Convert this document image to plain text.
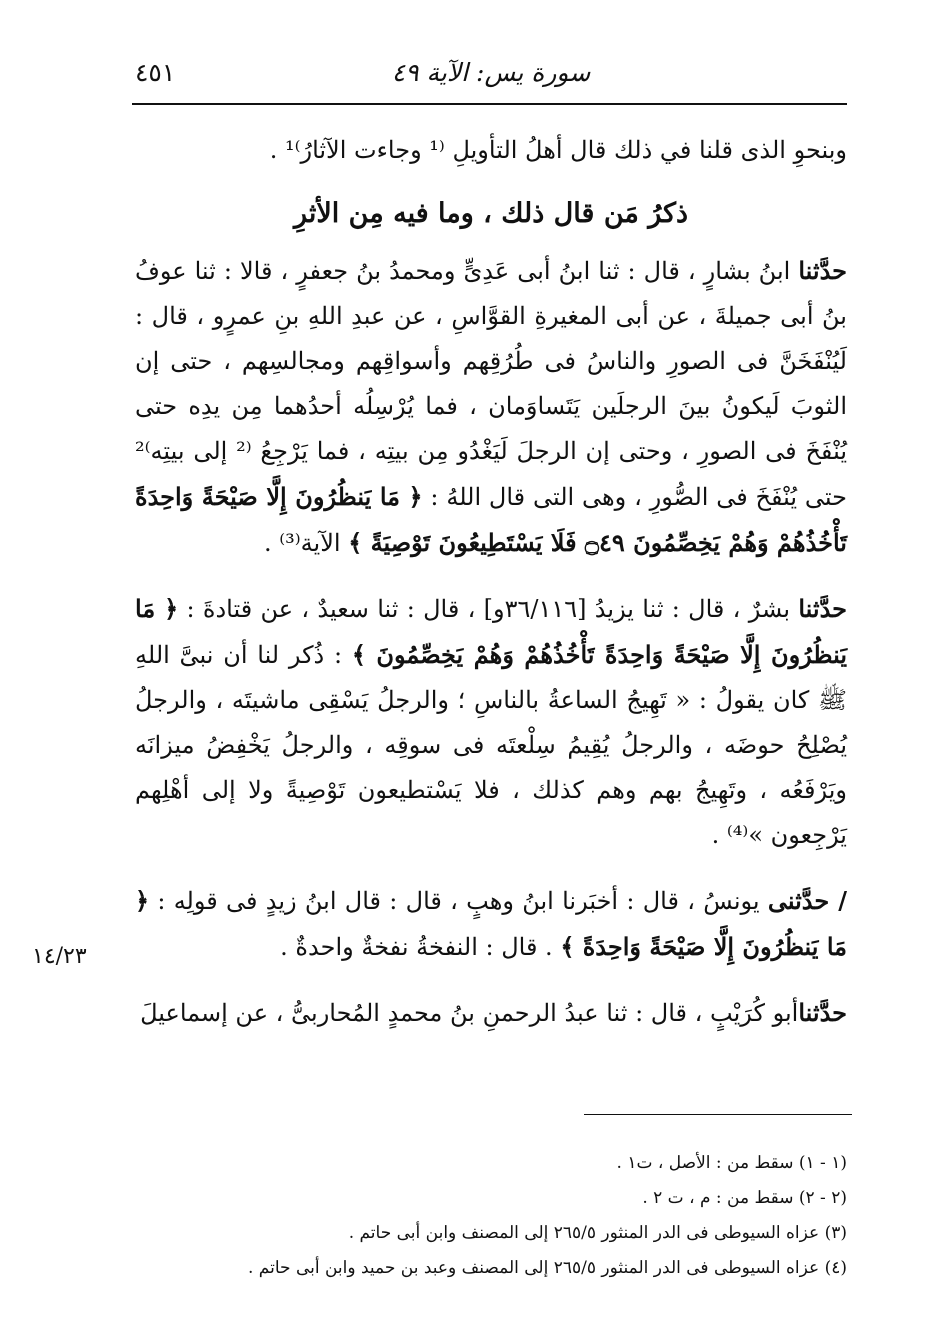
سورة يس: الآية ٤٩
٤٥١

وبنحوِ الذى قلنا في ذلك قال أهلُ التأويلِ ⁽¹ وجاءت الآثارُ⁾¹ .

ذكرُ مَن قال ذلك ، وما فيه مِن الأثرِ

حدَّثنا ابنُ بشارٍ ، قال : ثنا ابنُ أبى عَدِىٍّ ومحمدُ بنُ جعفرٍ ، قالا : ثنا عوفُ بنُ أبى جميلةَ ، عن أبى المغيرةِ القوَّاسِ ، عن عبدِ اللهِ بنِ عمرٍو ، قال : لَيُنْفَخَنَّ فى الصورِ والناسُ فى طُرُقِهم وأسواقِهم ومجالسِهم ، حتى إن الثوبَ لَيكونُ بينَ الرجلَين يَتَساوَمان ، فما يُرْسِلُه أحدُهما مِن يدِه حتى يُنْفَخَ فى الصورِ ، وحتى إن الرجلَ لَيَغْدُو مِن بيتِه ، فما يَرْجِعُ ⁽² إلى بيتِه⁾² حتى يُنْفَخَ فى الصُّورِ ، وهى التى قال اللهُ : ﴿ مَا يَنظُرُونَ إِلَّا صَيْحَةً وَاحِدَةً تَأْخُذُهُمْ وَهُمْ يَخِصِّمُونَ ۝٤٩ فَلَا يَسْتَطِيعُونَ تَوْصِيَةً ﴾ الآية⁽³⁾ .

حدَّثنا بشرٌ ، قال : ثنا يزيدُ [٣٦/١١٦و] ، قال : ثنا سعيدٌ ، عن قتادةَ : ﴿ مَا يَنظُرُونَ إِلَّا صَيْحَةً وَاحِدَةً تَأْخُذُهُمْ وَهُمْ يَخِصِّمُونَ ﴾ : ذُكر لنا أن نبىَّ اللهِ ﷺ كان يقولُ : « تَهِيجُ الساعةُ بالناسِ ؛ والرجلُ يَسْقِى ماشيتَه ، والرجلُ يُصْلِحُ حوضَه ، والرجلُ يُقِيمُ سِلْعتَه فى سوقِه ، والرجلُ يَخْفِضُ ميزانَه ويَرْفَعُه ، وتَهِيجُ بهم وهم كذلك ، فلا يَسْتطيعون تَوْصِيةً ولا إلى أهْلِهم يَرْجِعون »⁽⁴⁾ .

/ حدَّثنى يونسُ ، قال : أخبَرنا ابنُ وهبٍ ، قال : قال ابنُ زيدٍ فى قولِه : ﴿ مَا يَنظُرُونَ إِلَّا صَيْحَةً وَاحِدَةً ﴾ . قال : النفخةُ نفخةٌ واحدةٌ .

حدَّثناأبو كُرَيْبٍ ، قال : ثنا عبدُ الرحمنِ بنُ محمدٍ المُحاربىُّ ، عن إسماعيلَ

١٤/٢٣

(١ - ١) سقط من : الأصل ، ت١ .

(٢ - ٢) سقط من : م ، ت ٢ .

(٣) عزاه السيوطى فى الدر المنثور ٢٦٥/٥ إلى المصنف وابن أبى حاتم .

(٤) عزاه السيوطى فى الدر المنثور ٢٦٥/٥ إلى المصنف وعبد بن حميد وابن أبى حاتم .
